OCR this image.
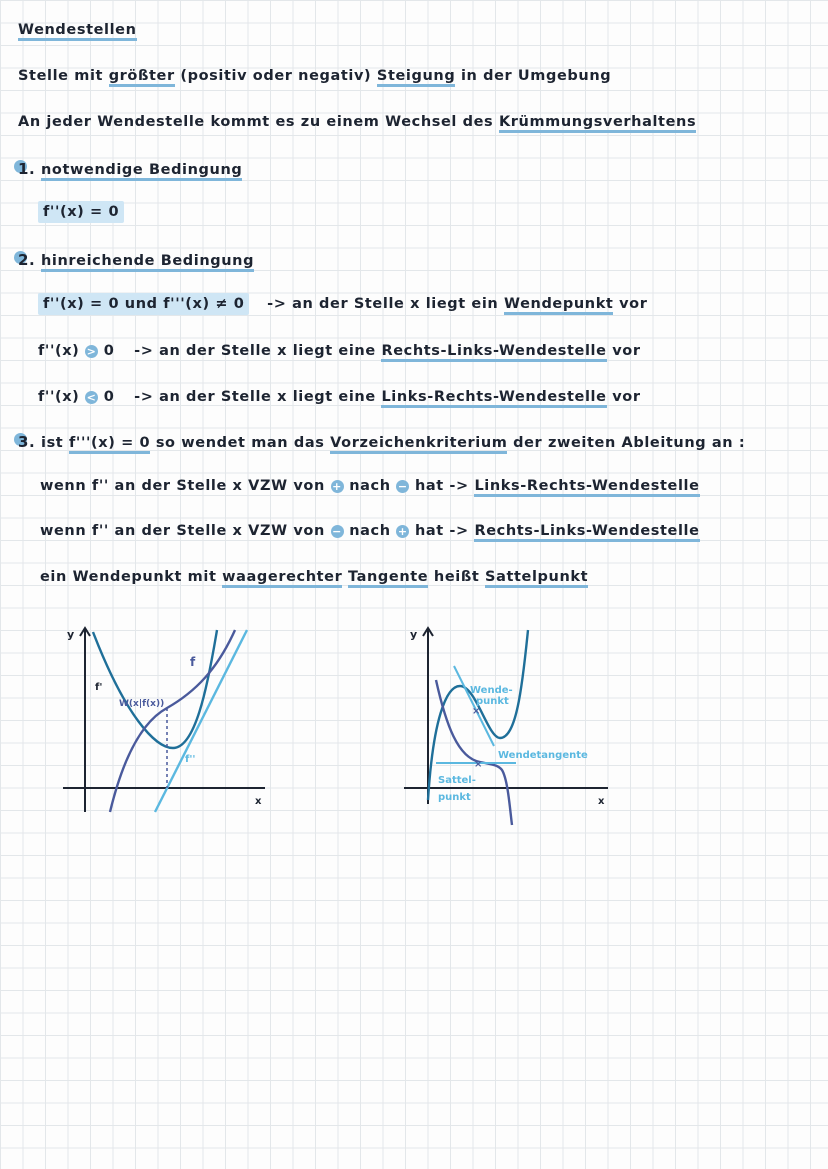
Wendestellen
Stelle mit größter (positiv oder negativ) Steigung in der Umgebung
An jeder Wendestelle kommt es zu einem Wechsel des Krümmungsverhaltens
1. notwendige Bedingung
f''(x) = 0
2. hinreichende Bedingung
f''(x) = 0 und f'''(x) ≠ 0 -> an der Stelle x liegt ein Wendepunkt vor
f''(x) > 0 -> an der Stelle x liegt eine Rechts-Links-Wendestelle vor
f''(x) < 0 -> an der Stelle x liegt eine Links-Rechts-Wendestelle vor
3. ist f'''(x) = 0 so wendet man das Vorzeichenkriterium der zweiten Ableitung an :
wenn f'' an der Stelle x VZW von + nach − hat -> Links-Rechts-Wendestelle
wenn f'' an der Stelle x VZW von − nach + hat -> Rechts-Links-Wendestelle
ein Wendepunkt mit waagerechter Tangente heißt Sattelpunkt
y
x
f
f'
f''
W(x|f(x))
y
x
×
×
Wende-
punkt
Wendetangente
Sattel-
punkt
